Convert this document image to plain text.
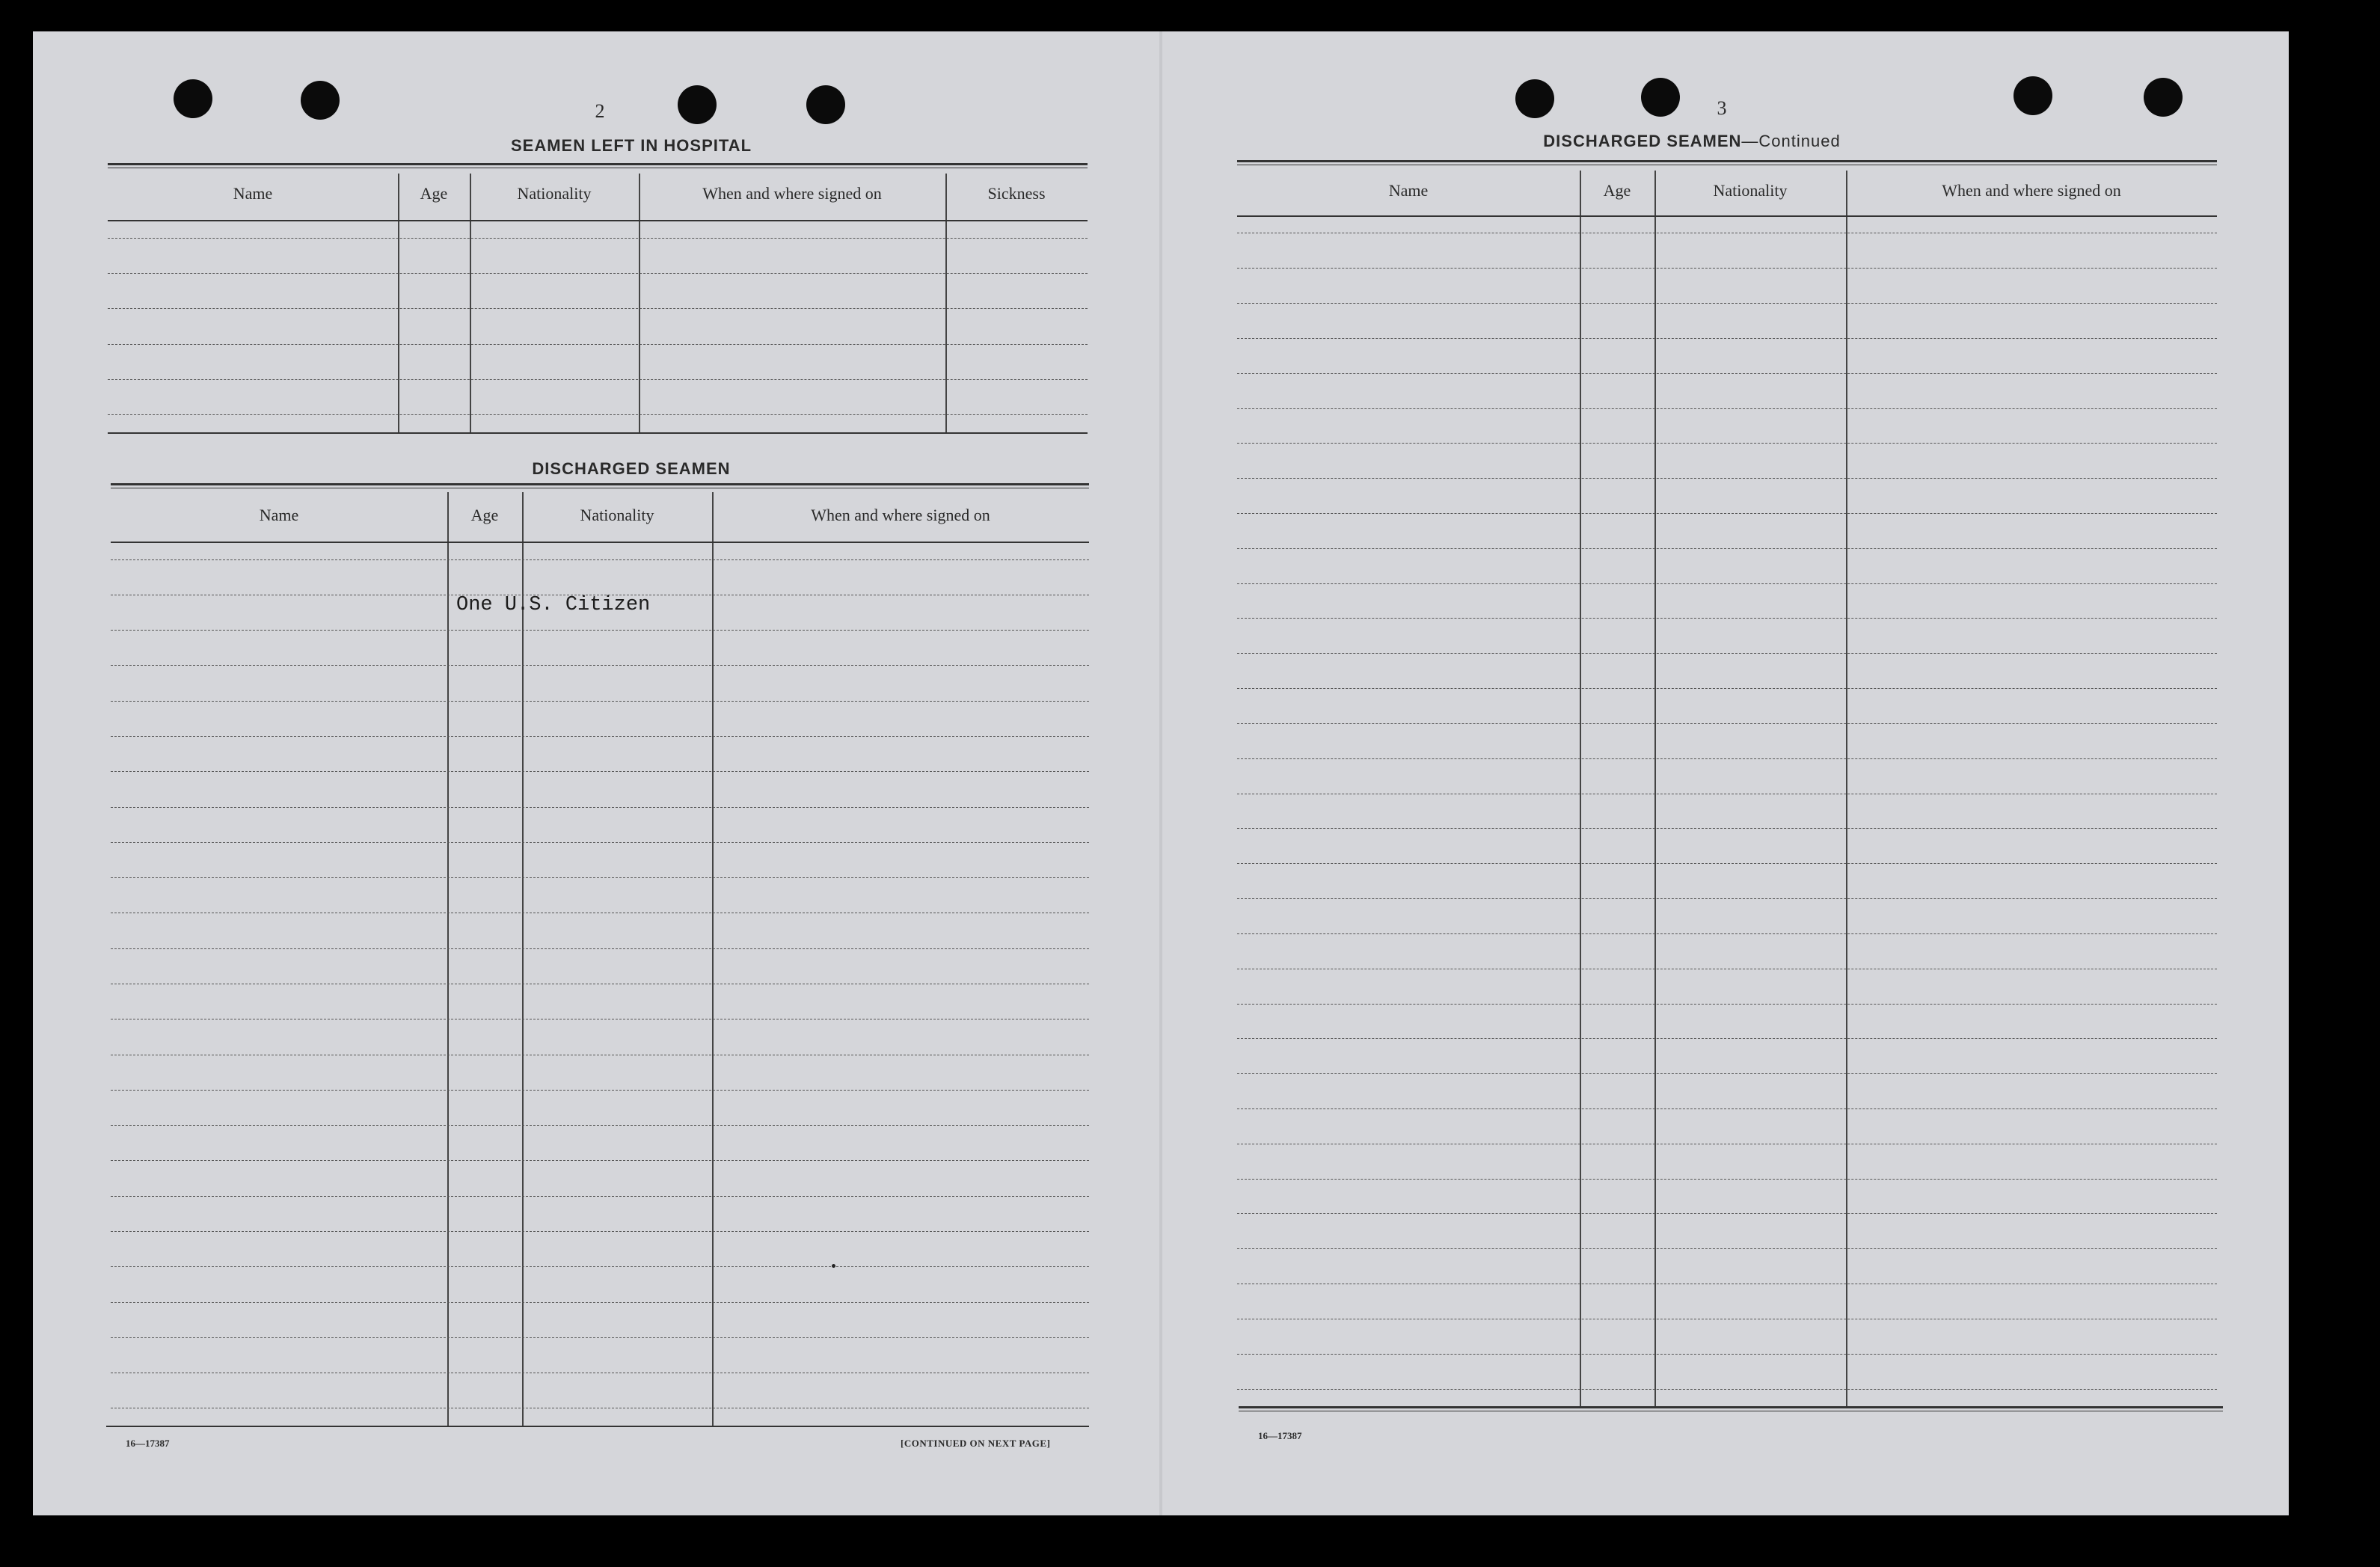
2
SEAMEN LEFT IN HOSPITAL
Name	Age	Nationality	When and where signed on	Sickness
DISCHARGED SEAMEN
Name	Age	Nationality	When and where signed on
One U.S. Citizen
16—17387	[CONTINUED ON NEXT PAGE]
3
DISCHARGED SEAMEN—Continued
Name	Age	Nationality	When and where signed on
16—17387
